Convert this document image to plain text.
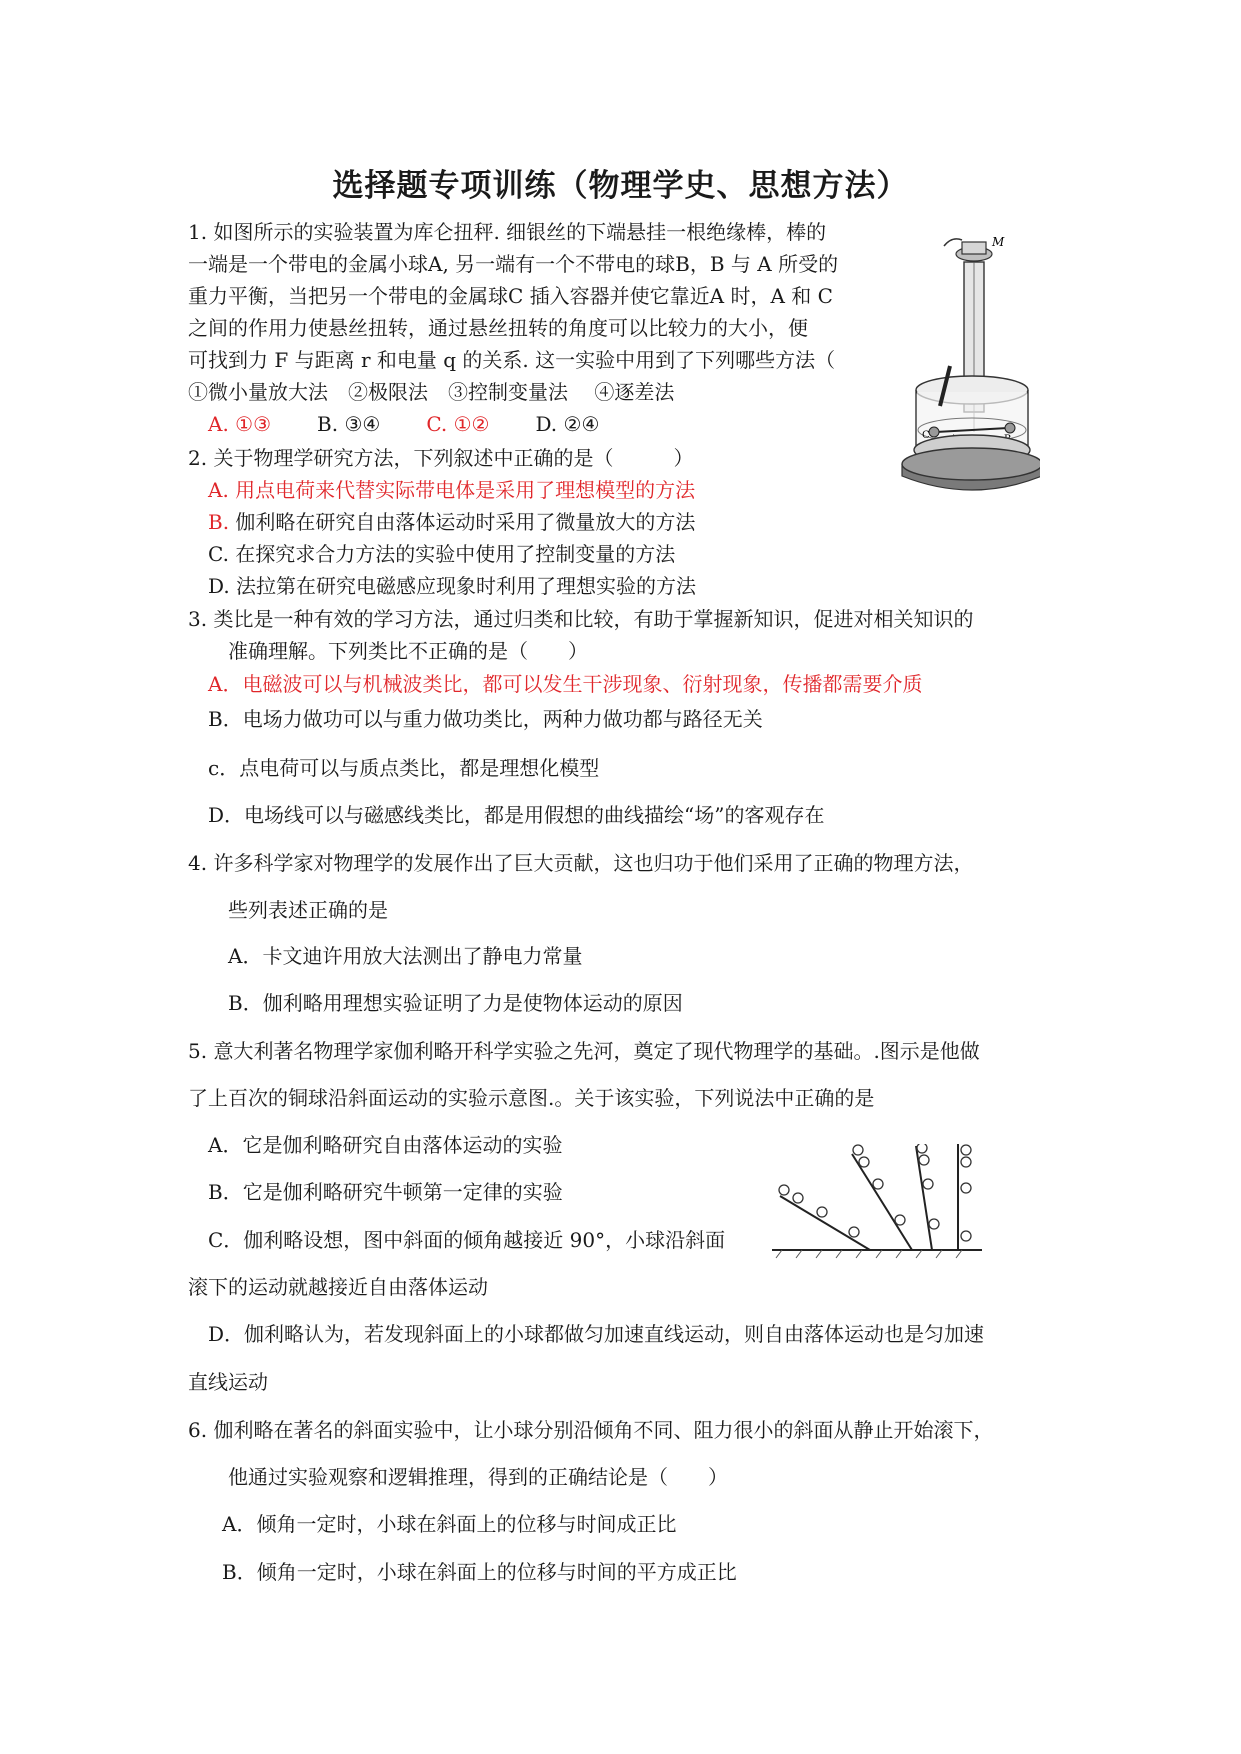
选择题专项训练（物理学史、思想方法）
1. 如图所示的实验装置为库仑扭秤. 细银丝的下端悬挂一根绝缘棒，棒的
一端是一个带电的金属小球A, 另一端有一个不带电的球B，B 与 A 所受的
重力平衡，当把另一个带电的金属球C 插入容器并使它靠近A 时，A 和 C
之间的作用力使悬丝扭转，通过悬丝扭转的角度可以比较力的大小，便
可找到力 F 与距离 r 和电量 q 的关系. 这一实验中用到了下列哪些方法（
①微小量放大法　②极限法　③控制变量法　 ④逐差法
A. ①③ B. ③④ C. ①② D. ②④
M
C
2. 关于物理学研究方法，下列叙述中正确的是（　　　）
A. 用点电荷来代替实际带电体是采用了理想模型的方法
B. 伽利略在研究自由落体运动时采用了微量放大的方法
C. 在探究求合力方法的实验中使用了控制变量的方法
D. 法拉第在研究电磁感应现象时利用了理想实验的方法
3. 类比是一种有效的学习方法，通过归类和比较，有助于掌握新知识，促进对相关知识的
准确理解。下列类比不正确的是（　　）
A．电磁波可以与机械波类比，都可以发生干涉现象、衍射现象，传播都需要介质
B．电场力做功可以与重力做功类比，两种力做功都与路径无关
c．点电荷可以与质点类比，都是理想化模型
D．电场线可以与磁感线类比，都是用假想的曲线描绘“场”的客观存在
4. 许多科学家对物理学的发展作出了巨大贡献，这也归功于他们采用了正确的物理方法，
些列表述正确的是
A．卡文迪许用放大法测出了静电力常量
B．伽利略用理想实验证明了力是使物体运动的原因
5. 意大利著名物理学家伽利略开科学实验之先河，奠定了现代物理学的基础。.图示是他做
了上百次的铜球沿斜面运动的实验示意图.。关于该实验，下列说法中正确的是
A．它是伽利略研究自由落体运动的实验
B．它是伽利略研究牛顿第一定律的实验
C．伽利略设想，图中斜面的倾角越接近 90°，小球沿斜面
滚下的运动就越接近自由落体运动
D．伽利略认为，若发现斜面上的小球都做匀加速直线运动，则自由落体运动也是匀加速
直线运动
6. 伽利略在著名的斜面实验中，让小球分别沿倾角不同、阻力很小的斜面从静止开始滚下，
他通过实验观察和逻辑推理，得到的正确结论是（　　）
A．倾角一定时，小球在斜面上的位移与时间成正比
B．倾角一定时，小球在斜面上的位移与时间的平方成正比
